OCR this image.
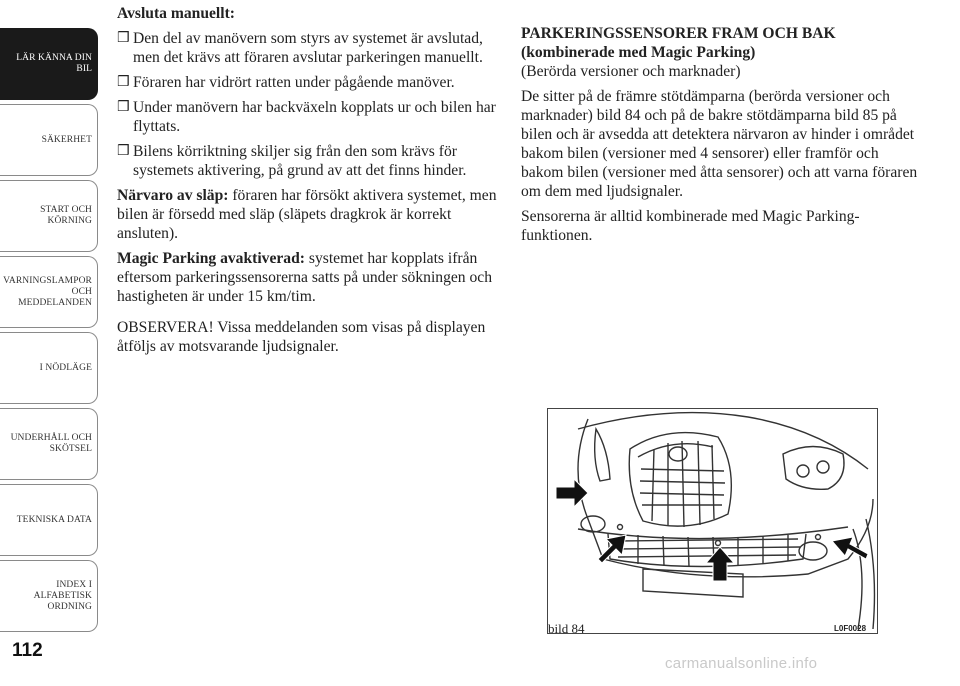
LÄR KÄNNA DIN
BIL
SÄKERHET
START OCH
KÖRNING
VARNINGSLAMPOR
OCH
MEDDELANDEN
I NÖDLÄGE
UNDERHÅLL OCH
SKÖTSEL
TEKNISKA DATA
INDEX I
ALFABETISK
ORDNING
112

Avsluta manuellt:

❒ Den del av manövern som styrs av systemet är avslutad, men det krävs att föraren avslutar parkeringen manuellt.
❒ Föraren har vidrört ratten under pågående manöver.
❒ Under manövern har backväxeln kopplats ur och bilen har flyttats.
❒ Bilens körriktning skiljer sig från den som krävs för systemets aktivering, på grund av att det finns hinder.

Närvaro av släp: föraren har försökt aktivera systemet, men bilen är försedd med släp (släpets dragkrok är korrekt ansluten).

Magic Parking avaktiverad: systemet har kopplats ifrån eftersom parkeringssensorerna satts på under sökningen och hastigheten är under 15 km/tim.

OBSERVERA! Vissa meddelanden som visas på displayen åtföljs av motsvarande ljudsignaler.

PARKERINGSSENSORER FRAM OCH BAK (kombinerade med Magic Parking)

(Berörda versioner och marknader)

De sitter på de främre stötdämparna (berörda versioner och marknader) bild 84 och på de bakre stötdämparna bild 85 på bilen och är avsedda att detektera närvaron av hinder i området bakom bilen (versioner med 4 sensorer) eller framför och bakom bilen (versioner med åtta sensorer) och att varna föraren om dem med ljudsignaler.

Sensorerna är alltid kombinerade med Magic Parking-funktionen.

bild 84	L0F0028
carmanualsonline.info
